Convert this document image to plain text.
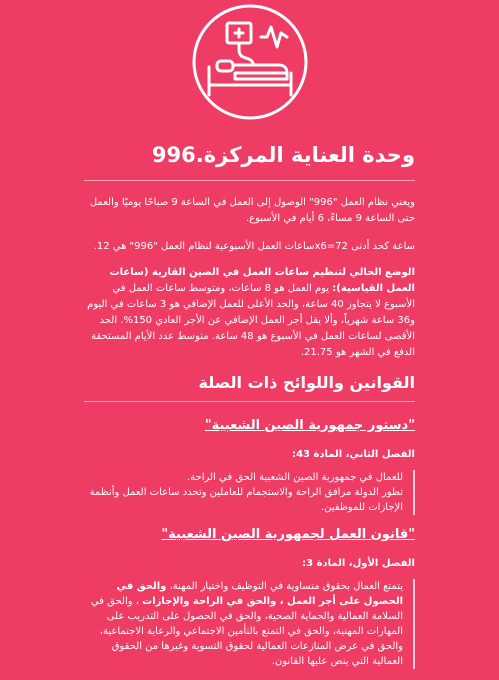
وحدة العناية المركزة.996

ويعني نظام العمل "996" الوصول إلى العمل في الساعة 9 صباحًا يوميًا والعمل حتى الساعة 9 مساءً، 6 أيام في الأسبوع.

ساعة كحد أدنى 72=x6ساعات العمل الأسبوعية لنظام العمل "996" هي 12.

الوضع الحالي لتنظيم ساعات العمل في الصين القارية (ساعات العمل القياسية): يوم العمل هو 8 ساعات، ومتوسط ساعات العمل في الأسبوع لا يتجاوز 40 ساعة، والحد الأعلى للعمل الإضافي هو 3 ساعات في اليوم و36 ساعة شهرياً، وألا يقل أجر العمل الإضافي عن الأجر العادي 150%. الحد الأقصى لساعات العمل في الأسبوع هو 48 ساعة. متوسط عدد الأيام المستحقة الدفع في الشهر هو 21.75.

القوانين واللوائح ذات الصلة
"دستور جمهورية الصين الشعبية"
الفصل الثاني، المادة 43:
للعمال في جمهورية الصين الشعبية الحق في الراحة.
تطور الدولة مرافق الراحة والاستجمام للعاملين وتحدد ساعات العمل وأنظمة الإجازات للموظفين.
"قانون العمل لجمهورية الصين الشعبية"
الفصل الأول، المادة 3:
يتمتع العمال بحقوق متساوية في التوظيف واختيار المهنة، والحق في الحصول على أجر العمل ، والحق في الراحة والإجازات ، والحق في السلامة العمالية والحماية الصحية، والحق في الحصول على التدريب على المهارات المهنية، والحق في التمتع بالتأمين الاجتماعي والرعاية الاجتماعية، والحق في عرض المنازعات العمالية لحقوق التسوية وغيرها من الحقوق العمالية التي ينص عليها القانون.
